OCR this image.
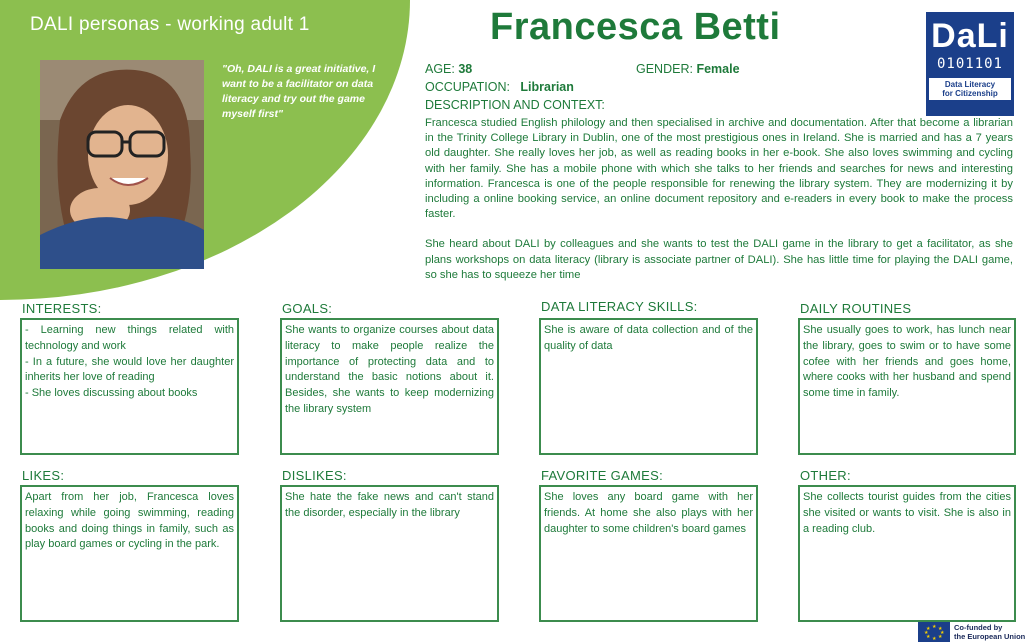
DALI personas - working adult 1
"Oh, DALI is a great initiative, I want to be a facilitator on data literacy and try out the game myself first"
Francesca Betti	DaLi
0101101
Data Literacy
for Citizenship
AGE: 38	GENDER: Female
OCCUPATION: Librarian
DESCRIPTION AND CONTEXT:

Francesca studied English philology and then specialised in archive and documentation. After that become a librarian in the Trinity College Library in Dublin, one of the most prestigious ones in Ireland. She is married and has a 7 years old daughter. She really loves her job, as well as reading books in her e-book. She also loves swimming and cycling with her family. She has a mobile phone with which she talks to her friends and searches for news and interesting information. Francesca is one of the people responsible for renewing the library system. They are modernizing it by including a online booking service, an online document repository and e-readers in every book to make the process faster.

She heard about DALI by colleagues and she wants to test the DALI game in the library to get a facilitator, as she plans workshops on data literacy (library is associate partner of DALI). She has little time for playing the DALI game, so she has to squeeze her time

INTERESTS:

- Learning new things related with technology and work

- In a future, she would love her daughter inherits her love of reading

- She loves discussing about books

GOALS:

She wants to organize courses about data literacy to make people realize the importance of protecting data and to understand the basic notions about it. Besides, she wants to keep modernizing the library system

DATA LITERACY SKILLS:

She is aware of data collection and of the quality of data

DAILY ROUTINES

She usually goes to work, has lunch near the library, goes to swim or to have some cofee with her friends and goes home, where cooks with her husband and spend some time in family.

LIKES:

Apart from her job, Francesca loves relaxing while going swimming, reading books and doing things in family, such as play board games or cycling in the park.

DISLIKES:

She hate the fake news and can't stand the disorder, especially in the library

FAVORITE GAMES:

She loves any board game with her friends. At home she also plays with her daughter to some children's board games

OTHER:

She collects tourist guides from the cities she visited or wants to visit. She is also in a reading club.

★ ★
★
★
★
★
★
★	Co-funded by
the European Union
